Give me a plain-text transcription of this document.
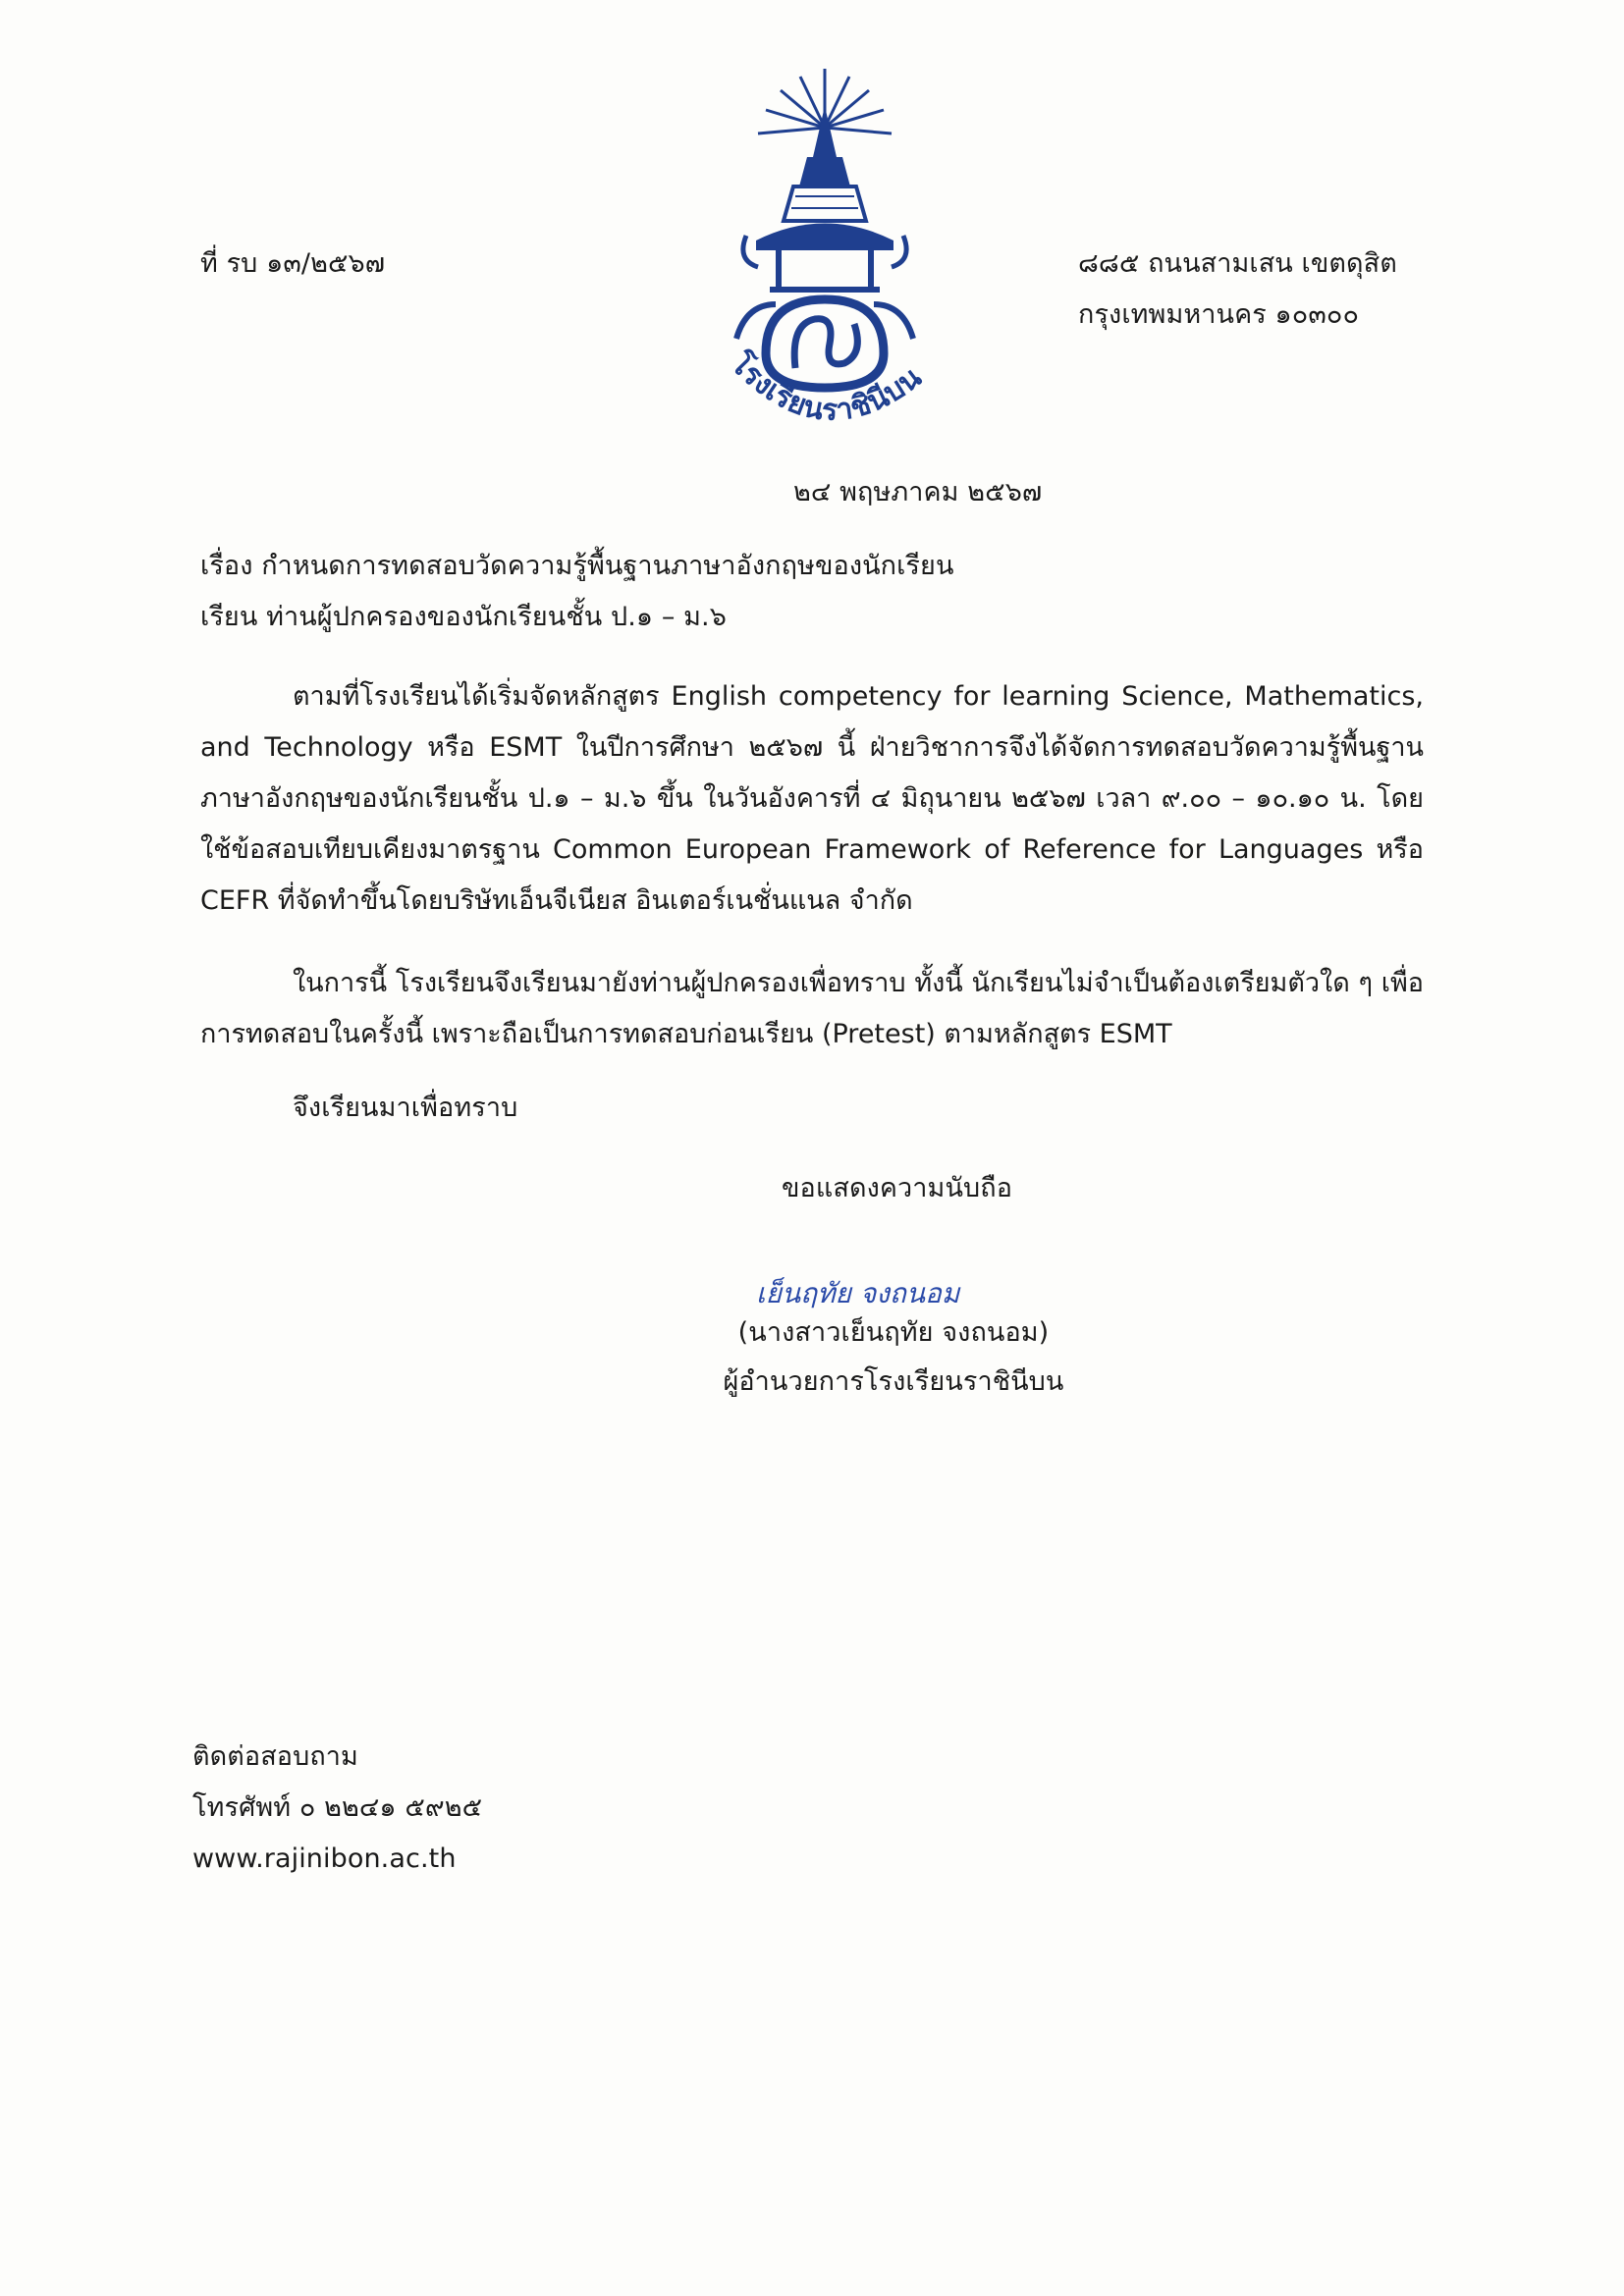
ที่ รบ ๑๓/๒๕๖๗	๘๘๕ ถนนสามเสน เขตดุสิต
กรุงเทพมหานคร ๑๐๓๐๐
โรงเรียนราชินีบน
๒๔ พฤษภาคม ๒๕๖๗
เรื่อง กำหนดการทดสอบวัดความรู้พื้นฐานภาษาอังกฤษของนักเรียน
เรียน ท่านผู้ปกครองของนักเรียนชั้น ป.๑ – ม.๖
ตามที่โรงเรียนได้เริ่มจัดหลักสูตร English competency for learning Science, Mathematics, and Technology หรือ ESMT ในปีการศึกษา ๒๕๖๗ นี้ ฝ่ายวิชาการจึงได้จัดการทดสอบวัดความรู้พื้นฐานภาษาอังกฤษของนักเรียนชั้น ป.๑ – ม.๖ ขึ้น ในวันอังคารที่ ๔ มิถุนายน ๒๕๖๗ เวลา ๙.๐๐ – ๑๐.๑๐ น. โดยใช้ข้อสอบเทียบเคียงมาตรฐาน Common European Framework of Reference for Languages หรือ CEFR ที่จัดทำขึ้นโดยบริษัทเอ็นจีเนียส อินเตอร์เนชั่นแนล จำกัด
ในการนี้ โรงเรียนจึงเรียนมายังท่านผู้ปกครองเพื่อทราบ ทั้งนี้ นักเรียนไม่จำเป็นต้องเตรียมตัวใด ๆ เพื่อการทดสอบในครั้งนี้ เพราะถือเป็นการทดสอบก่อนเรียน (Pretest) ตามหลักสูตร ESMT
จึงเรียนมาเพื่อทราบ
ขอแสดงความนับถือ
เย็นฤทัย จงถนอม
(นางสาวเย็นฤทัย จงถนอม)
ผู้อำนวยการโรงเรียนราชินีบน
ติดต่อสอบถาม
โทรศัพท์ ๐ ๒๒๔๑ ๕๙๒๕
www.rajinibon.ac.th
